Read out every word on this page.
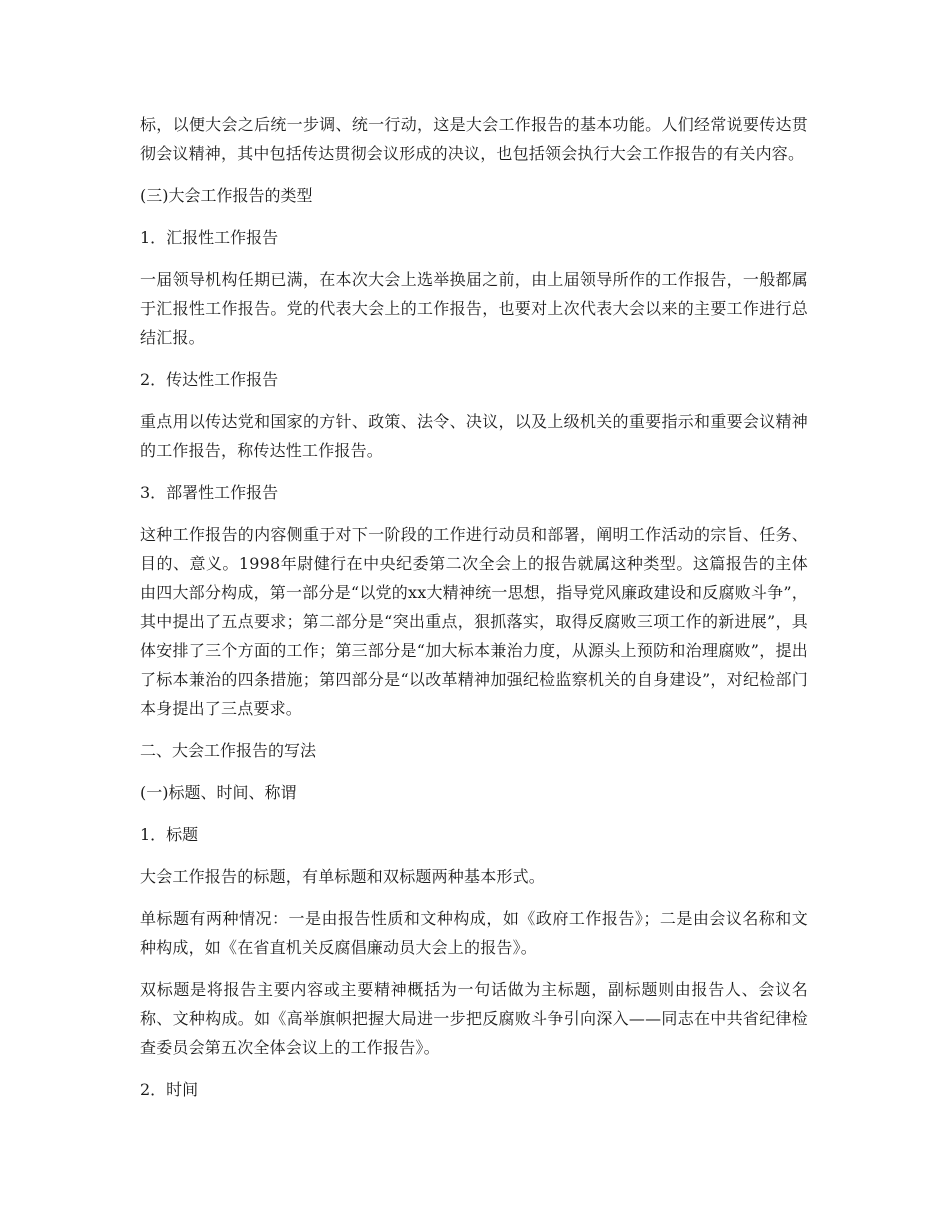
标，以便大会之后统一步调、统一行动，这是大会工作报告的基本功能。人们经常说要传达贯彻会议精神，其中包括传达贯彻会议形成的决议，也包括领会执行大会工作报告的有关内容。

(三)大会工作报告的类型

1．汇报性工作报告

一届领导机构任期已满，在本次大会上选举换届之前，由上届领导所作的工作报告，一般都属于汇报性工作报告。党的代表大会上的工作报告，也要对上次代表大会以来的主要工作进行总结汇报。

2．传达性工作报告

重点用以传达党和国家的方针、政策、法令、决议，以及上级机关的重要指示和重要会议精神的工作报告，称传达性工作报告。

3．部署性工作报告

这种工作报告的内容侧重于对下一阶段的工作进行动员和部署，阐明工作活动的宗旨、任务、目的、意义。1998年尉健行在中央纪委第二次全会上的报告就属这种类型。这篇报告的主体由四大部分构成，第一部分是“以党的xx大精神统一思想，指导党风廉政建设和反腐败斗争”，其中提出了五点要求；第二部分是“突出重点，狠抓落实，取得反腐败三项工作的新进展”，具体安排了三个方面的工作；第三部分是“加大标本兼治力度，从源头上预防和治理腐败”，提出了标本兼治的四条措施；第四部分是“以改革精神加强纪检监察机关的自身建设”，对纪检部门本身提出了三点要求。

二、大会工作报告的写法

(一)标题、时间、称谓

1．标题

大会工作报告的标题，有单标题和双标题两种基本形式。

单标题有两种情况：一是由报告性质和文种构成，如《政府工作报告》；二是由会议名称和文种构成，如《在省直机关反腐倡廉动员大会上的报告》。

双标题是将报告主要内容或主要精神概括为一句话做为主标题，副标题则由报告人、会议名称、文种构成。如《高举旗帜把握大局进一步把反腐败斗争引向深入——同志在中共省纪律检查委员会第五次全体会议上的工作报告》。

2．时间
